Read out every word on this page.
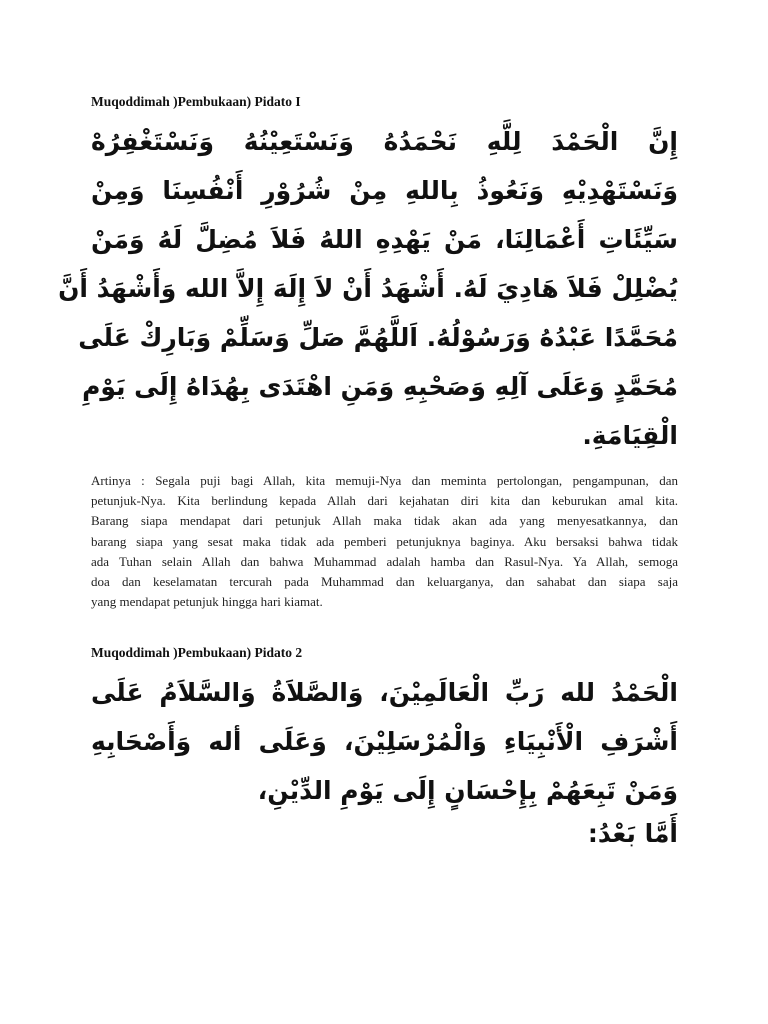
Muqoddimah )Pembukaan) Pidato I
إِنَّ الْحَمْدَ لِلَّهِ نَحْمَدُهُ وَنَسْتَعِيْنُهُ وَنَسْتَغْفِرُهْ
وَنَسْتَهْدِيْهِ وَنَعُوذُ بِاللهِ مِنْ شُرُوْرِ أَنْفُسِنَا وَمِنْ
سَيِّئَاتِ أَعْمَالِنَا، مَنْ يَهْدِهِ اللهُ فَلاَ مُضِلَّ لَهُ وَمَنْ
يُضْلِلْ فَلاَ هَادِيَ لَهُ. أَشْهَدُ أَنْ لاَ إِلَهَ إِلاَّ الله وَأَشْهَدُ أَنَّ
مُحَمَّدًا عَبْدُهُ وَرَسُوْلُهُ. اَللَّهُمَّ صَلِّ وَسَلِّمْ وَبَارِكْ عَلَى
مُحَمَّدٍ وَعَلَى آلِهِ وَصَحْبِهِ وَمَنِ اهْتَدَى بِهُدَاهُ إِلَى يَوْمِ
الْقِيَامَةِ.
Artinya : Segala puji bagi Allah, kita memuji-Nya dan meminta pertolongan, pengampunan, dan
petunjuk-Nya. Kita berlindung kepada Allah dari kejahatan diri kita dan keburukan amal kita.
Barang siapa mendapat dari petunjuk Allah maka tidak akan ada yang menyesatkannya, dan
barang siapa yang sesat maka tidak ada pemberi petunjuknya baginya. Aku bersaksi bahwa tidak
ada Tuhan selain Allah dan bahwa Muhammad adalah hamba dan Rasul-Nya. Ya Allah, semoga
doa dan keselamatan tercurah pada Muhammad dan keluarganya, dan sahabat dan siapa saja
yang mendapat petunjuk hingga hari kiamat.
Muqoddimah )Pembukaan) Pidato 2
الْحَمْدُ لله رَبِّ الْعَالَمِيْنَ، وَالصَّلاَةُ وَالسَّلاَمُ عَلَى
أَشْرَفِ الْأَنْبِيَاءِ وَالْمُرْسَلِيْنَ، وَعَلَى أله وَأَصْحَابِهِ
وَمَنْ تَبِعَهُمْ بِإِحْسَانٍ إِلَى يَوْمِ الدِّيْنِ،
أَمَّا بَعْدُ:
